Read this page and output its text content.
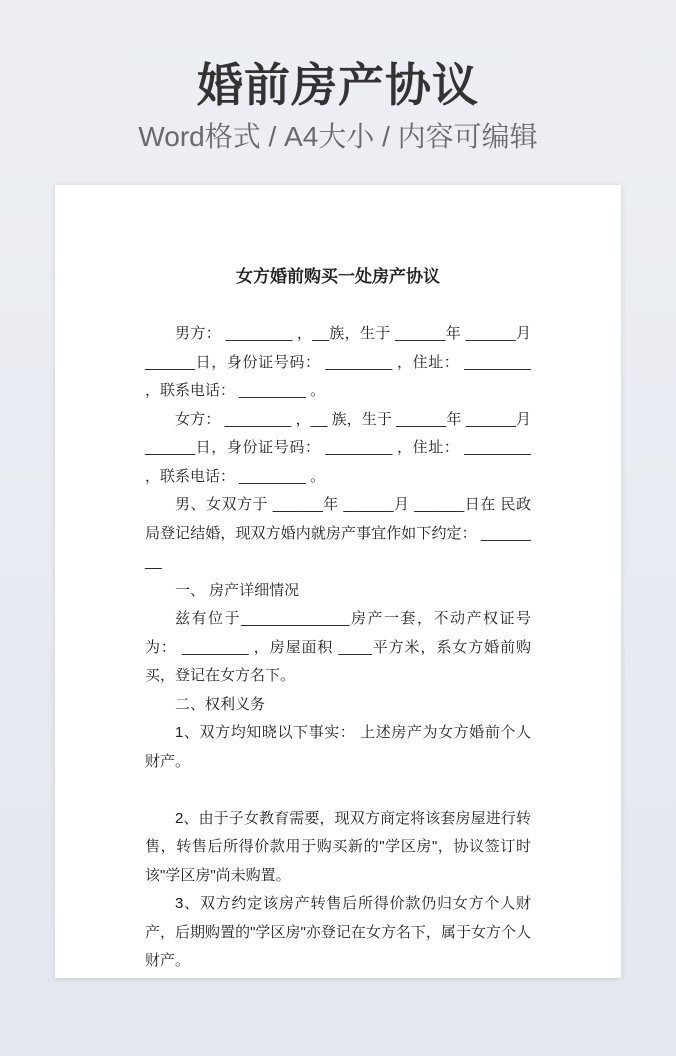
婚前房产协议
Word格式 / A4大小 / 内容可编辑
女方婚前购买一处房产协议

男方： ________ ，__族，生于 ______年 ______月______日，身份证号码： ________ ，住址： ________ ，联系电话： ________ 。

女方： ________ ，__ 族，生于 ______年 ______月______日，身份证号码： ________ ，住址： ________ ，联系电话： ________ 。

男、女双方于 ______年 ______月 ______日在 民政局登记结婚，现双方婚内就房产事宜作如下约定： ________

一、 房产详细情况

兹有位于_____________房产一套，不动产权证号为： ________ ，房屋面积 ____平方米，系女方婚前购买，登记在女方名下。

二、权利义务

1、双方均知晓以下事实： 上述房产为女方婚前个人财产。

2、由于子女教育需要，现双方商定将该套房屋进行转售，转售后所得价款用于购买新的"学区房"，协议签订时该"学区房"尚未购置。

3、双方约定该房产转售后所得价款仍归女方个人财产，后期购置的"学区房"亦登记在女方名下，属于女方个人财产。
